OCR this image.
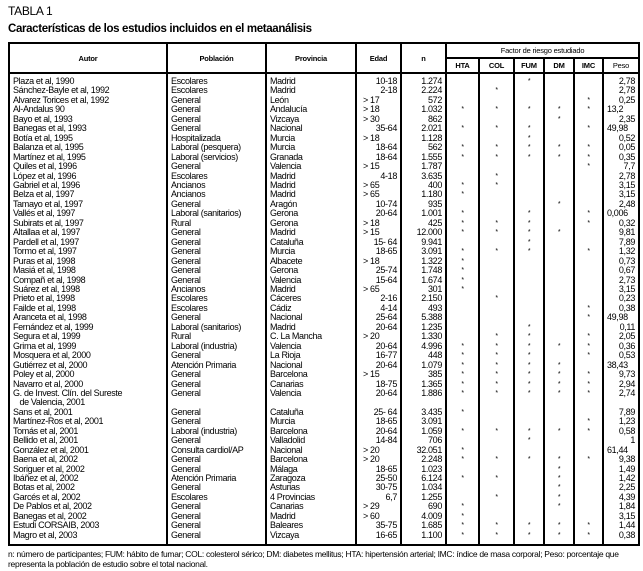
TABLA 1
Características de los estudios incluidos en el metaanálisis
Autor	Población	Provincia	Edad	n	Factor de riesgo estudiado					
					HTA	COL	FUM	DM	IMC	Peso
Plaza et al, 1990	Escolares	Madrid	10-18	1.274			*			2,78
Sánchez-Bayle et al, 1992	Escolares	Madrid	2-18	2.224		*				2,78
Álvarez Torices et al, 1992	General	León	> 17	572					*	0,25
Al-Andalus 90	General	Andalucía	> 18	1.032	*	*	*	*	*	13,2
Bayo et al, 1993	General	Vizcaya	> 30	862				*		2,35
Banegas et al, 1993	General	Nacional	35-64	2.021	*	*	*		*	49,98
Botía et al, 1995	Hospitalizada	Murcia	> 18	1.128			*			0,52
Balanza et al, 1995	Laboral (pesquera)	Murcia	18-64	562	*	*	*	*	*	0,05
Martínez et al, 1995	Laboral (servicios)	Granada	18-64	1.555	*	*	*	*	*	0,35
Quiles et al, 1996	General	Valencia	> 15	1.787					*	7,7
López et al, 1996	Escolares	Madrid	4-18	3.635		*				2,78
Gabriel et al, 1996	Ancianos	Madrid	> 65	400	*	*				3,15
Belza et al, 1997	Ancianos	Madrid	> 65	1.180	*					3,15
Tamayo et al, 1997	General	Aragón	10-74	935				*		2,48
Vallés et al, 1997	Laboral (sanitarios)	Gerona	20-64	1.001	*		*		*	0,006
Subirats et al, 1997	Rural	Gerona	> 18	425	*	*	*		*	0,32
Altallaa et al, 1997	General	Madrid	> 15	12.000	*	*	*	*		9,81
Pardell et al, 1997	General	Cataluña	15- 64	9.941			*			7,89
Tormo et al, 1997	General	Murcia	18-65	3.091	*	*	*		*	1,32
Puras et al, 1998	General	Albacete	> 18	1.322	*					0,73
Masiá et al, 1998	General	Gerona	25-74	1.748	*					0,67
Compañ et al, 1998	General	Valencia	15-64	1.674	*					2,73
Suárez et al, 1998	Ancianos	Madrid	> 65	301	*					3,15
Prieto et al, 1998	Escolares	Cáceres	2-16	2.150		*				0,23
Failde et al, 1998	Escolares	Cádiz	4-14	493					*	0,38
Aranceta et al, 1998	General	Nacional	25-64	5.388					*	49,98
Fernández et al, 1999	Laboral (sanitarios)	Madrid	20-64	1.235			*			0,11
Segura et al, 1999	Rural	C. La Mancha	> 20	1.330		*	*		*	2,05
Grima et al, 1999	Laboral (industria)	Valencia	20-64	4.996	*	*	*	*	*	0,36
Mosquera et al, 2000	General	La Rioja	16-77	448	*	*	*		*	0,53
Gutiérrez et al, 2000	Atención Primaria	Nacional	20-64	1.079	*	*	*	*		38,43
Poley et al, 2000	General	Barcelona	> 15	385	*	*	*	*	*	9,73
Navarro et al, 2000	General	Canarias	18-75	1.365	*	*	*	*	*	2,94
G. de Invest. Clín. del Sureste
de Valencia, 2001	General	Valencia	20-64	1.886	*	*	*	*	*	2,74
Sans et al, 2001	General	Cataluña	25- 64	3.435	*					7,89
Martínez-Ros et al, 2001	General	Murcia	18-65	3.091					*	1,23
Tomás et al, 2001	Laboral (industria)	Barcelona	20-64	1.059	*	*	*	*	*	0,58
Bellido et al, 2001	General	Valladolid	14-84	706			*			1
González et al, 2001	Consulta cardiol/AP	Nacional	> 20	32.051	*					61,44
Baena et al, 2002	General	Barcelona	> 20	2.248	*	*	*	*	*	9,38
Soriguer et al, 2002	General	Málaga	18-65	1.023				*		1,49
Ibáñez et al, 2002	Atención Primaria	Zaragoza	25-50	6.124	*	*		*		1,42
Botas et al, 2002	General	Asturias	30-75	1.034				*		2,25
Garcés et al, 2002	Escolares	4 Provincias	6,7	1.255		*		*		4,39
De Pablos et al, 2002	General	Canarias	> 29	690	*			*		1,84
Banegas et al, 2002	General	Madrid	> 60	4.009	*					3,15
Estudi CORSAIB, 2003	General	Baleares	35-75	1.685	*	*	*	*	*	1,44
Magro et al, 2003	General	Vizcaya	16-65	1.100	*	*	*	*	*	0,38
n: número de participantes; FUM: hábito de fumar; COL: colesterol sérico; DM: diabetes mellitus; HTA: hipertensión arterial; IMC: índice de masa corporal; Peso: porcentaje que representa la población de estudio sobre el total nacional.
